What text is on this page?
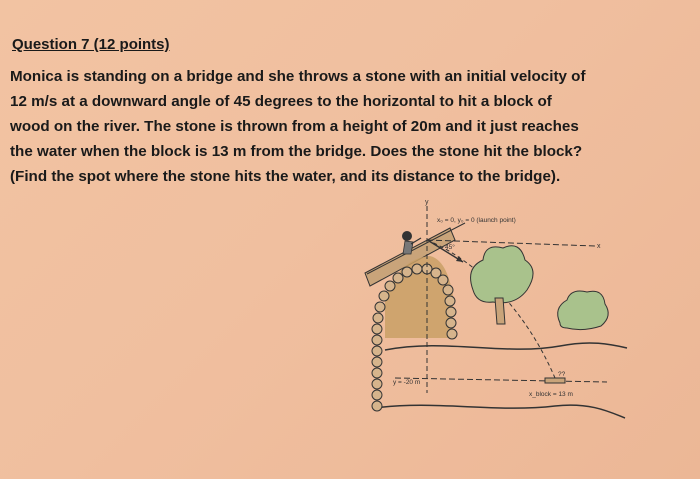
Question 7 (12 points)
Monica is standing on a bridge and she throws a stone with an initial velocity of
12 m/s at a downward angle of 45 degrees to the horizontal to hit a block of
wood on the river. The stone is thrown from a height of 20m and it just reaches
the water when the block is 13 m from the bridge. Does the stone hit the block?
(Find the spot where the stone hits the water, and its distance to the bridge).
y
x₀ = 0, y₀ = 0 (launch point)
x
45°
y = -20 m
??
x_block = 13 m
